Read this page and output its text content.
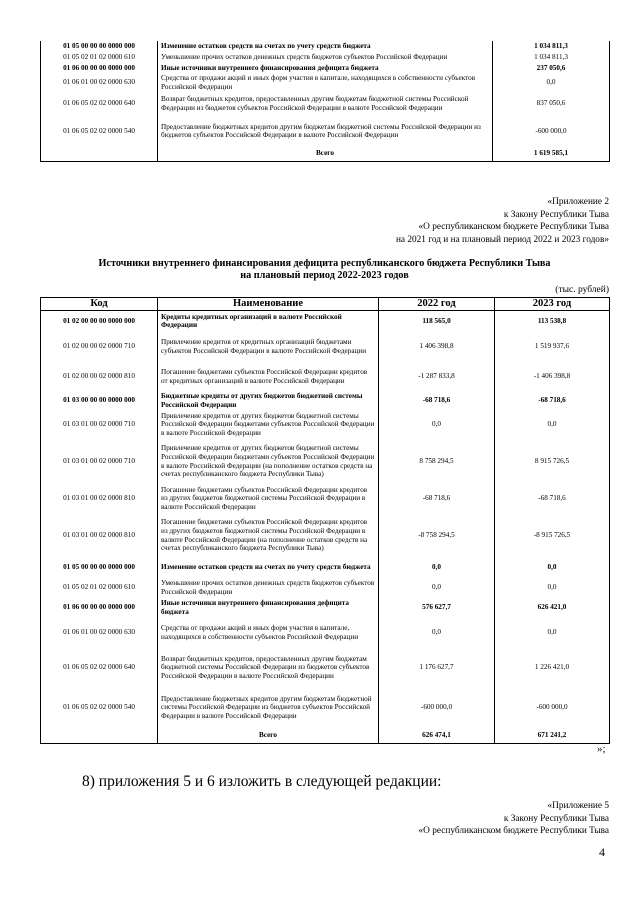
01 05 00 00 00 0000 000	Изменение остатков средств на счетах по учету средств бюджета	1 034 811,3
01 05 02 01 02 0000 610	Уменьшение прочих остатков денежных средств бюджетов субъектов Российской Федерации	1 034 811,3
01 06 00 00 00 0000 000	Иные источники внутреннего финансирования дефицита бюджета	237 050,6
01 06 01 00 02 0000 630	Средства от продажи акций и иных форм участия в капитале, находящихся в собственности субъектов Российской Федерации	0,0
01 06 05 02 02 0000 640	Возврат бюджетных кредитов, предоставленных другим бюджетам бюджетной системы Российской Федерации из бюджетов субъектов Российской Федерации в валюте Российской Федерации	837 050,6
01 06 05 02 02 0000 540	Предоставление бюджетных кредитов другим бюджетам бюджетной системы Российской Федерации из бюджетов субъектов Российской Федерации в валюте Российской Федерации	-600 000,0
	Всего	1 619 585,1
«Приложение 2
к Закону Республики Тыва
«О республиканском бюджете Республики Тыва
на 2021 год и на плановый период 2022 и 2023 годов»
Источники внутреннего финансирования дефицита республиканского бюджета Республики Тыва
на плановый период 2022-2023 годов
(тыс. рублей)
Код	Наименование	2022 год	2023 год
01 02 00 00 00 0000 000	Кредиты кредитных организаций в валюте Российской Федерации	118 565,0	113 538,8
01 02 00 00 02 0000 710	Привлечение кредитов от кредитных организаций бюджетами субъектов Российской Федерации в валюте Российской Федерации	1 406 398,8	1 519 937,6
01 02 00 00 02 0000 810	Погашение бюджетами субъектов Российской Федерации кредитов от кредитных организаций в валюте Российской Федерации	-1 287 833,8	-1 406 398,8
01 03 00 00 00 0000 000	Бюджетные кредиты от других бюджетов бюджетной системы Российской Федерации	-68 718,6	-68 718,6
01 03 01 00 02 0000 710	Привлечение кредитов от других бюджетов бюджетной системы Российской Федерации бюджетами субъектов Российской Федерации в валюте Российской Федерации	0,0	0,0
01 03 01 00 02 0000 710	Привлечение кредитов от других бюджетов бюджетной системы Российской Федерации бюджетами субъектов Российской Федерации в валюте Российской Федерации (на пополнение остатков средств на счетах республиканского бюджета Республики Тыва)	8 758 294,5	8 915 726,5
01 03 01 00 02 0000 810	Погашение бюджетами субъектов Российской Федерации кредитов из других бюджетов бюджетной системы Российской Федерации в валюте Российской Федерации	-68 718,6	-68 718,6
01 03 01 00 02 0000 810	Погашение бюджетами субъектов Российской Федерации кредитов из других бюджетов бюджетной системы Российской Федерации в валюте Российской Федерации (на пополнение остатков средств на счетах республиканского бюджета Республики Тыва)	-8 758 294,5	-8 915 726,5
01 05 00 00 00 0000 000	Изменение остатков средств на счетах по учету средств бюджета	0,0	0,0
01 05 02 01 02 0000 610	Уменьшение прочих остатков денежных средств бюджетов субъектов Российской Федерации	0,0	0,0
01 06 00 00 00 0000 000	Иные источники внутреннего финансирования дефицита бюджета	576 627,7	626 421,0
01 06 01 00 02 0000 630	Средства от продажи акций и иных форм участия в капитале, находящихся в собственности субъектов Российской Федерации	0,0	0,0
01 06 05 02 02 0000 640	Возврат бюджетных кредитов, предоставленных другим бюджетам бюджетной системы Российской Федерации из бюджетов субъектов Российской Федерации в валюте Российской Федерации	1 176 627,7	1 226 421,0
01 06 05 02 02 0000 540	Предоставление бюджетных кредитов другим бюджетам бюджетной системы Российской Федерации из бюджетов субъектов Российской Федерации в валюте Российской Федерации	-600 000,0	-600 000,0
	Всего	626 474,1	671 241,2
»;
8) приложения 5 и 6 изложить в следующей редакции:
«Приложение 5
к Закону Республики Тыва
«О республиканском бюджете Республики Тыва
4
